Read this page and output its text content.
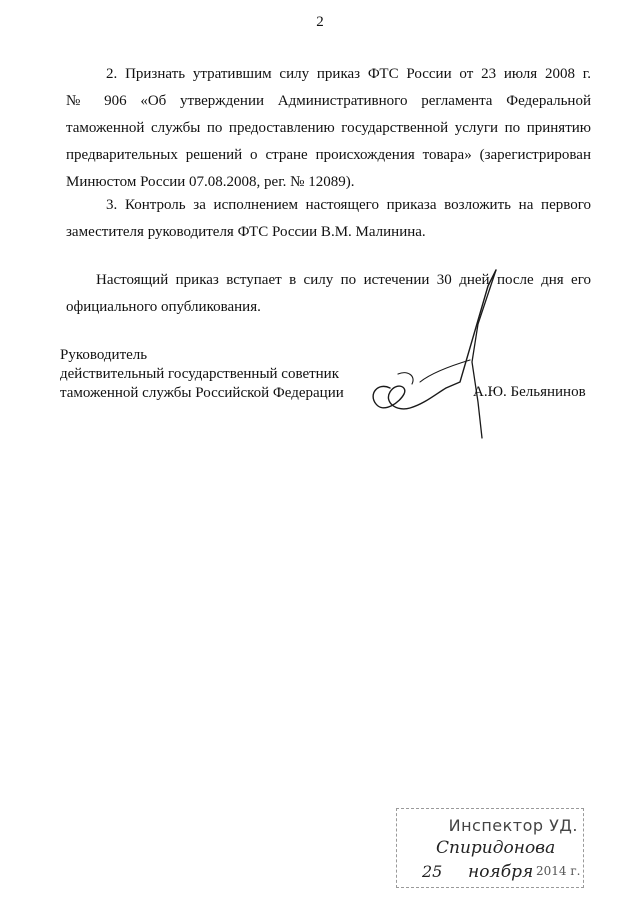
2
2. Признать утратившим силу приказ ФТС России от 23 июля 2008 г.
№ 906 «Об утверждении Административного регламента Федеральной
таможенной службы по предоставлению государственной услуги по принятию
предварительных решений о стране происхождения товара» (зарегистрирован
Минюстом России 07.08.2008, рег. № 12089).
3. Контроль за исполнением настоящего приказа возложить на первого
заместителя руководителя ФТС России В.М. Малинина.
Настоящий приказ вступает в силу по истечении 30 дней после дня его
официального опубликования.
Руководитель
действительный государственный советник
таможенной службы Российской Федерации	А.Ю. Бельянинов
Инспектор УД.
Спиридонова
25 ноября 2014 г.
